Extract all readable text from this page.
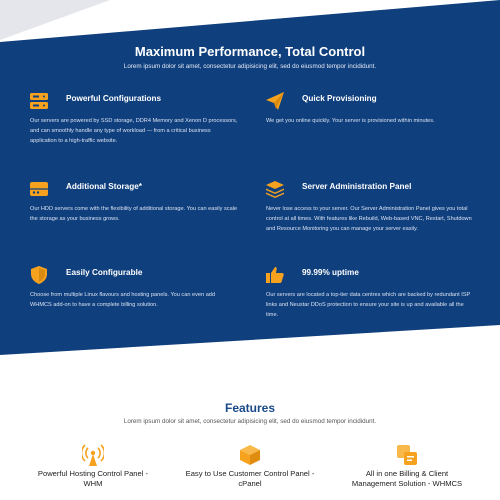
Maximum Performance, Total Control
Lorem ipsum dolor sit amet, consectetur adipisicing elit, sed do eiusmod tempor incididunt.
Powerful Configurations
Our servers are powered by SSD storage, DDR4 Memory and Xenon D processors, and can smoothly handle any type of workload — from a critical business application to a high-traffic website.
Quick Provisioning
We get you online quickly. Your server is provisioned within minutes.
Additional Storage*
Our HDD servers come with the flexibility of additional storage. You can easily scale the storage as your business grows.
Server Administration Panel
Never lose access to your server. Our Server Administration Panel gives you total control at all times. With features like Rebuild, Web-based VNC, Restart, Shutdown and Resource Monitoring you can manage your server easily.
Easily Configurable
Choose from multiple Linux flavours and hosting panels. You can even add WHMCS add-on to have a complete billing solution.
99.99% uptime
Our servers are located a top-tier data centres which are backed by redundant ISP links and Neustar DDoS protection to ensure your site is up and available all the time.
Features
Lorem ipsum dolor sit amet, consectetur adipisicing elit, sed do eiusmod tempor incididunt.
Powerful Hosting Control Panel -
WHM
Easy to Use Customer Control Panel -
cPanel
All in one Billing & Client
Management Solution - WHMCS
